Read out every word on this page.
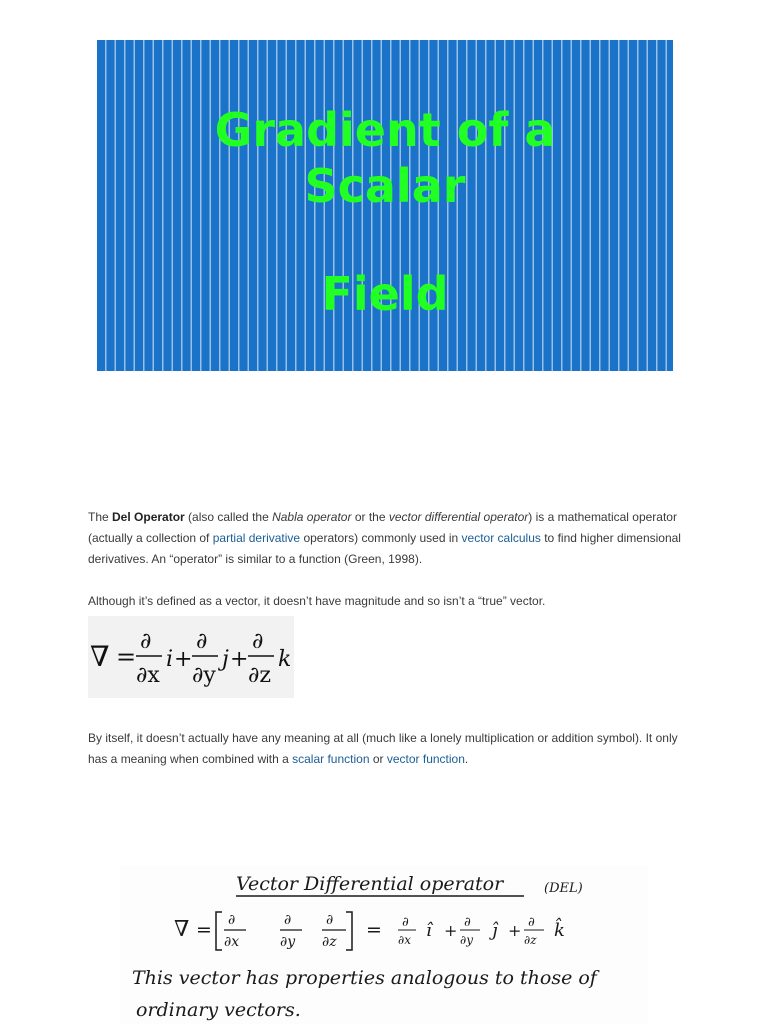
Gradient of a
Scalar
Field

The Del Operator (also called the Nabla operator or the vector differential operator) is a mathematical operator (actually a collection of partial derivative operators) commonly used in vector calculus to find higher dimensional derivatives. An “operator” is similar to a function (Green, 1998).

Although it’s defined as a vector, it doesn’t have magnitude and so isn’t a “true” vector.

∇ =
∂
∂x
i +
∂
∂y
j +
∂
∂z
k

By itself, it doesn’t actually have any meaning at all (much like a lonely multiplication or addition symbol). It only has a meaning when combined with a scalar function or vector function.

Vector Differential operator	(DEL)
∇ = ∂
∂x
∂
∂y
∂
∂z
= ∂
∂x î + ∂
∂y ĵ + ∂
∂z k̂
This vector has properties analogous to those of
ordinary vectors.
